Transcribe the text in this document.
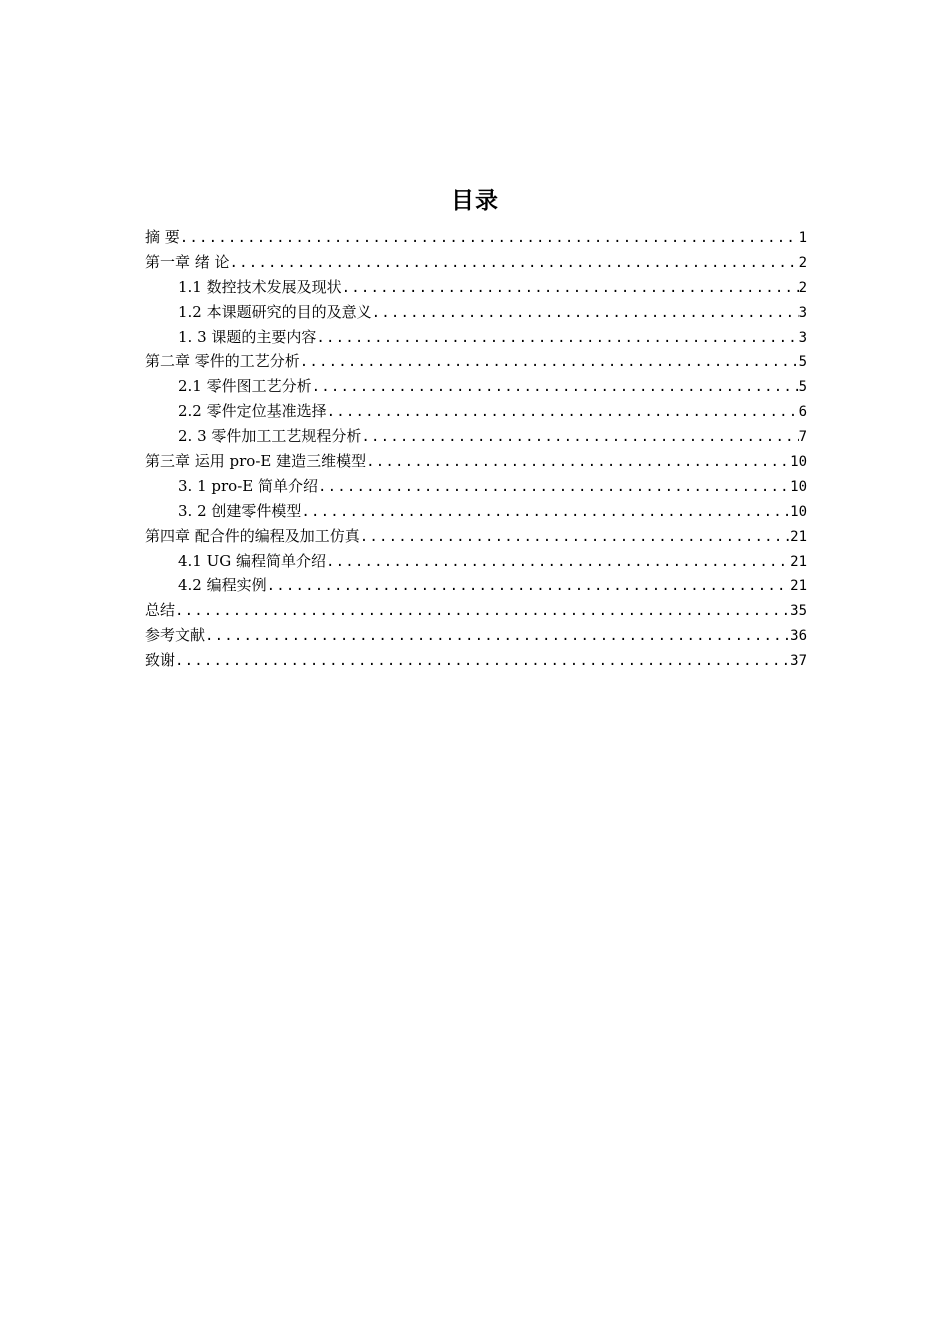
目录
摘 要 .....	1
第一章 绪 论 .....	2
1.1 数控技术发展及现状 .....	2
1.2 本课题研究的目的及意义 .....	3
1. 3 课题的主要内容 .....	3
第二章 零件的工艺分析 .....	5
2.1 零件图工艺分析 .....	5
2.2 零件定位基准选择 .....	6
2. 3 零件加工工艺规程分析 .....	7
第三章 运用 pro-E 建造三维模型 .....	10
3. 1 pro-E 简单介绍 .....	10
3. 2 创建零件模型 .....	10
第四章 配合件的编程及加工仿真 .....	21
4.1 UG 编程简单介绍 .....	21
4.2 编程实例 .....	21
总结 .....	35
参考文献 .....	36
致谢 .....	37
